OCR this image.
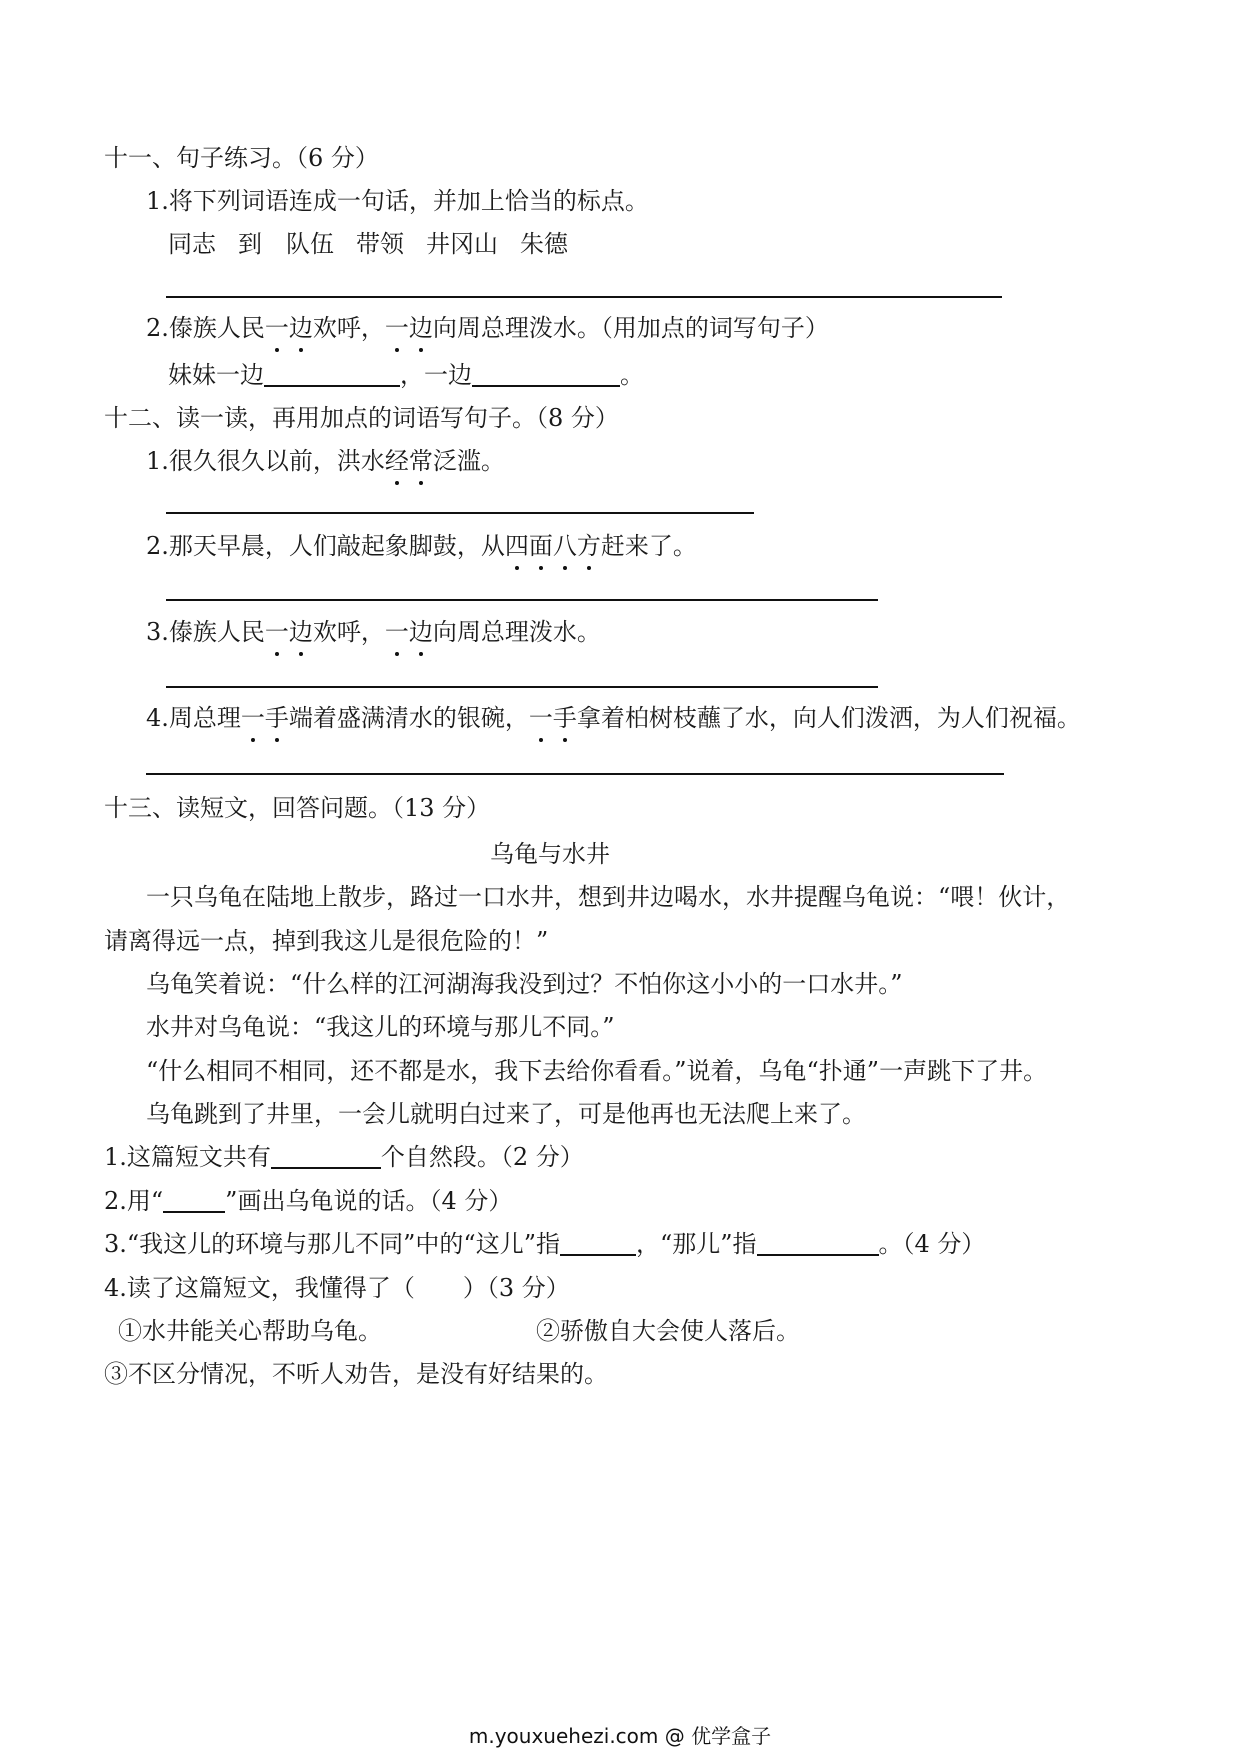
十一、句子练习。（6 分）
1.将下列词语连成一句话，并加上恰当的标点。
同志 到 队伍 带领 井冈山 朱德
2.傣族人民一边欢呼，一边向周总理泼水。（用加点的词写句子）
妹妹一边	，一边	。
十二、读一读，再用加点的词语写句子。（8 分）
1.很久很久以前，洪水经常泛滥。
2.那天早晨，人们敲起象脚鼓，从四面八方赶来了。
3.傣族人民一边欢呼，一边向周总理泼水。
4.周总理一手端着盛满清水的银碗，一手拿着柏树枝蘸了水，向人们泼洒，为人们祝福。
十三、读短文，回答问题。（13 分）
乌龟与水井
一只乌龟在陆地上散步，路过一口水井，想到井边喝水，水井提醒乌龟说：“喂！伙计，
请离得远一点，掉到我这儿是很危险的！”
乌龟笑着说：“什么样的江河湖海我没到过？不怕你这小小的一口水井。”
水井对乌龟说：“我这儿的环境与那儿不同。”
“什么相同不相同，还不都是水，我下去给你看看。”说着，乌龟“扑通”一声跳下了井。
乌龟跳到了井里，一会儿就明白过来了，可是他再也无法爬上来了。
1.这篇短文共有	个自然段。（2 分）
2.用“	”画出乌龟说的话。（4 分）
3.“我这儿的环境与那儿不同”中的“这儿”指	，“那儿”指	。（4 分）
4.读了这篇短文，我懂得了（　　）（3 分）
①水井能关心帮助乌龟。	②骄傲自大会使人落后。
③不区分情况，不听人劝告，是没有好结果的。
m.youxuehezi.com @ 优学盒子
